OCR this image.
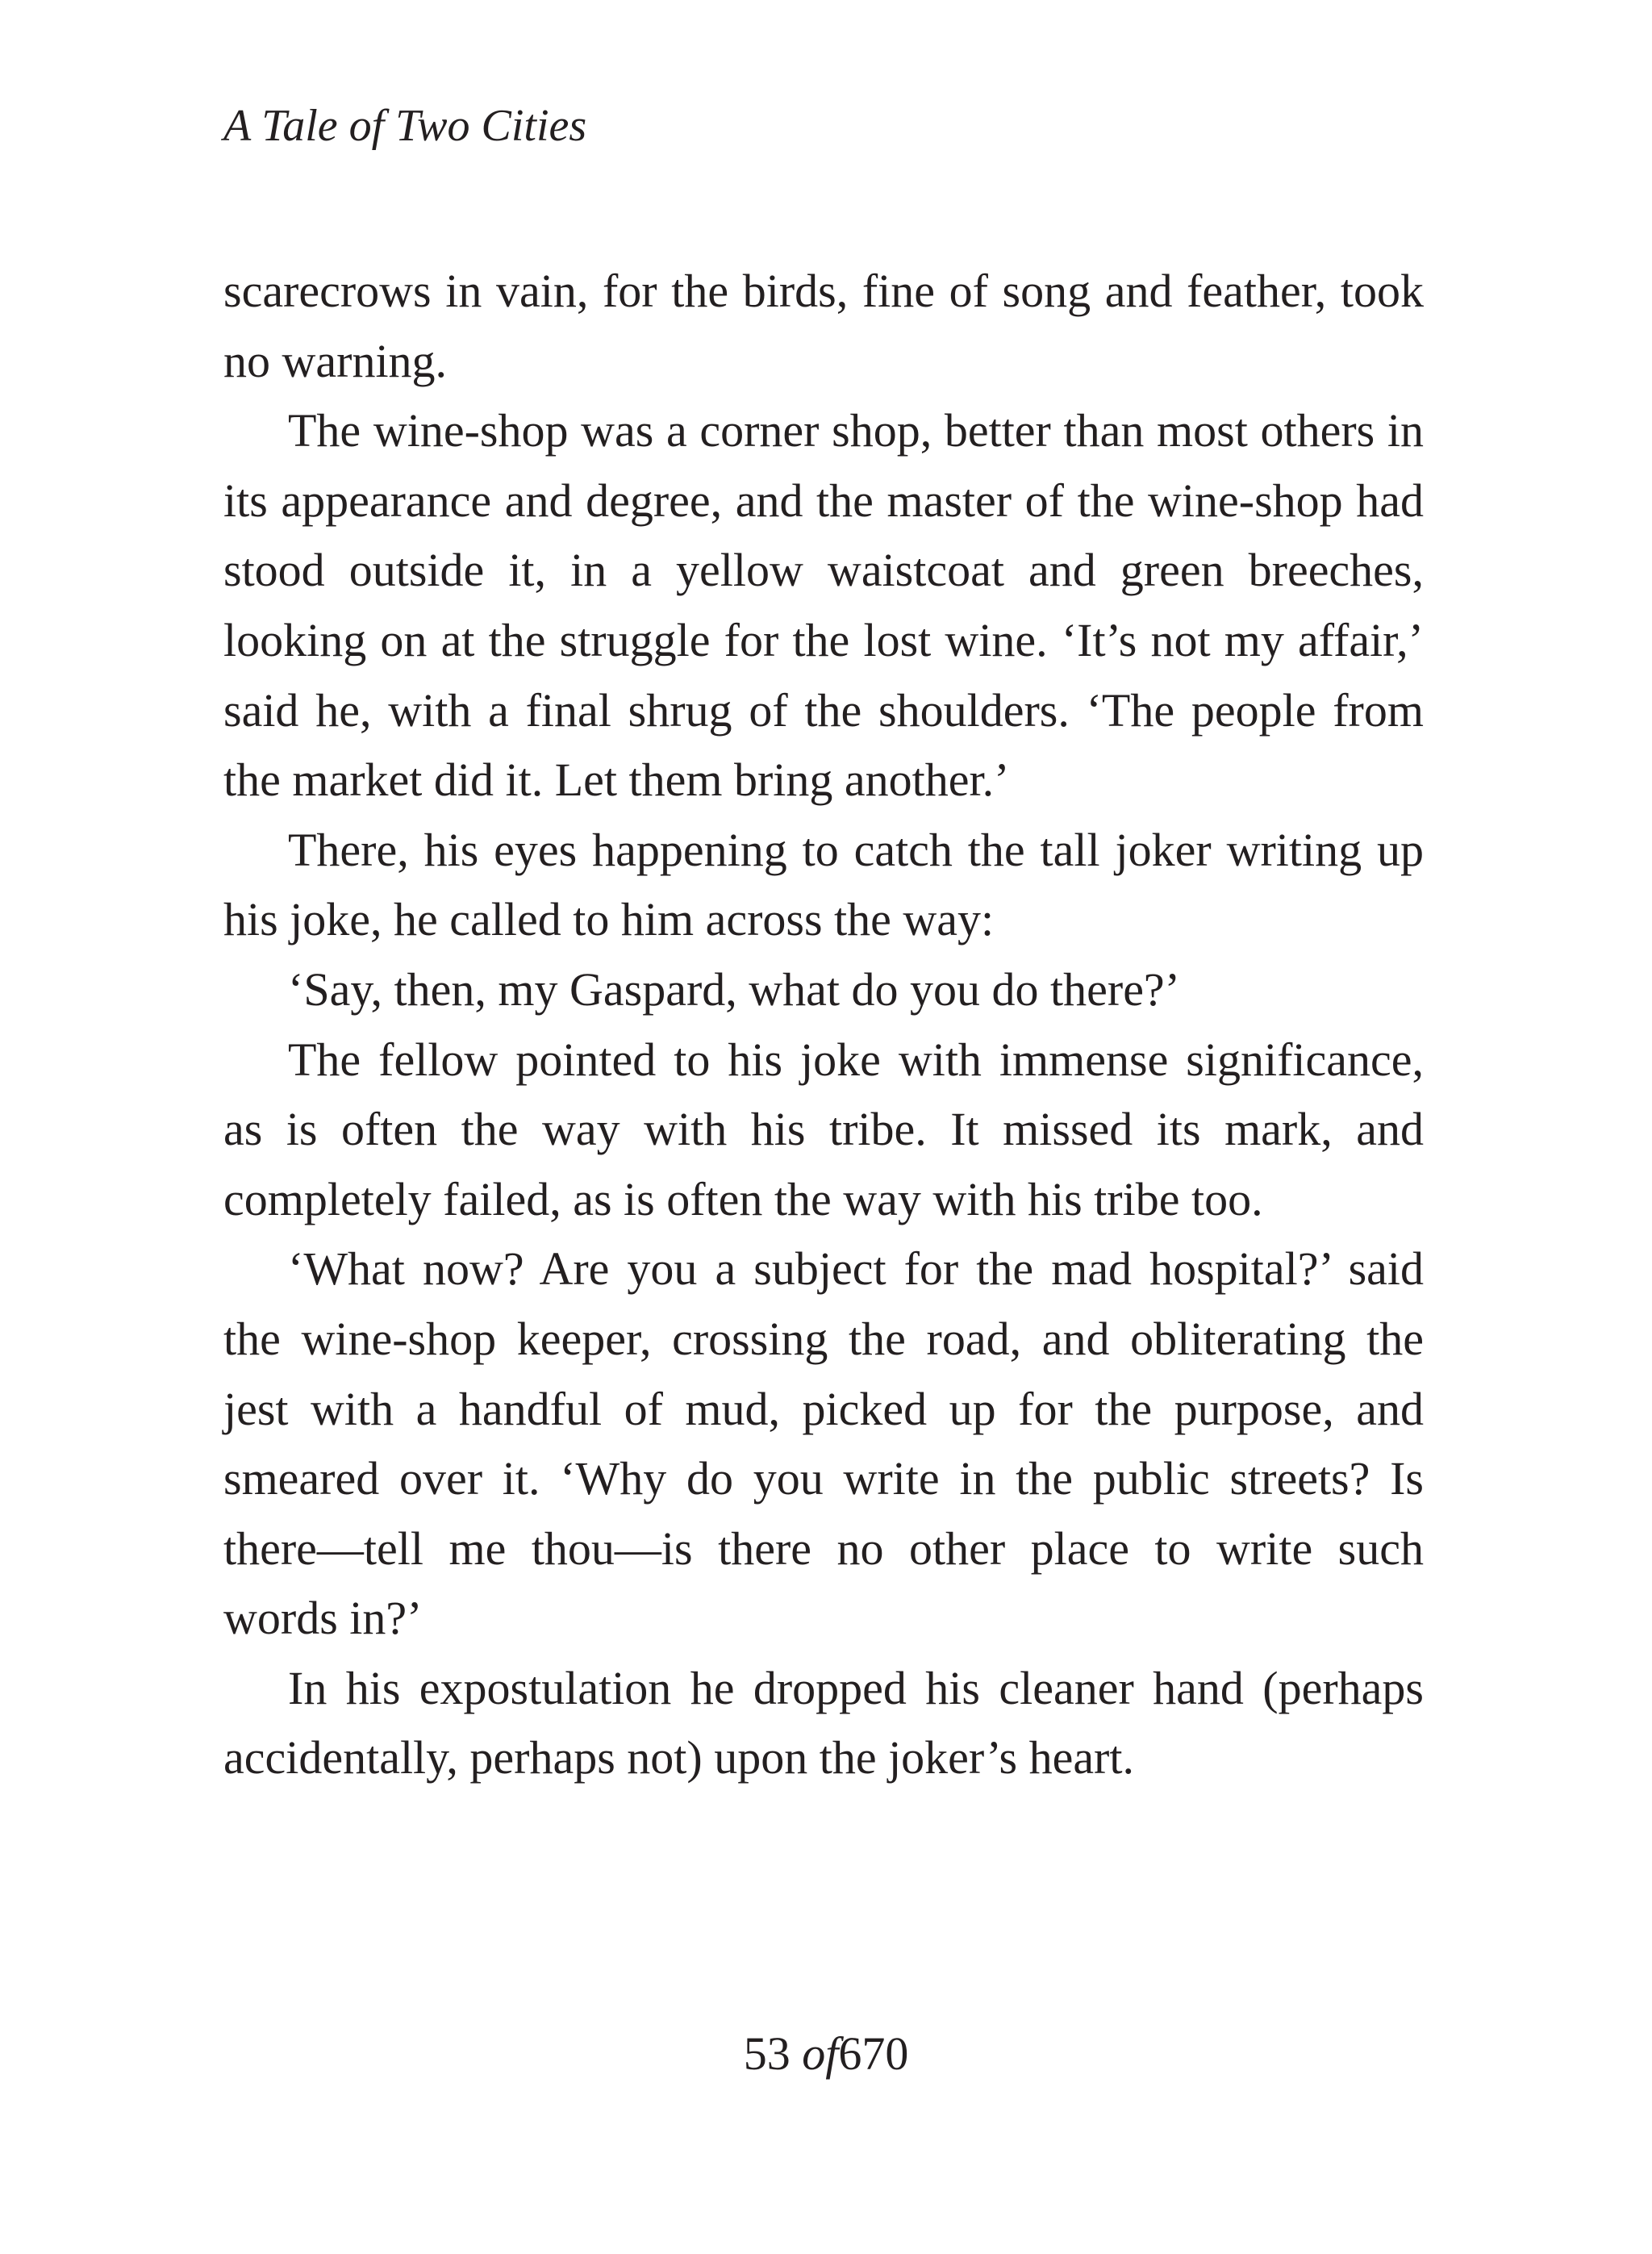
A Tale of Two Cities

scarecrows in vain, for the birds, fine of song and feather, took no warning.

The wine-shop was a corner shop, better than most others in its appearance and degree, and the master of the wine-shop had stood outside it, in a yellow waistcoat and green breeches, looking on at the struggle for the lost wine. ‘It’s not my affair,’ said he, with a final shrug of the shoulders. ‘The people from the market did it. Let them bring another.’

There, his eyes happening to catch the tall joker writing up his joke, he called to him across the way:

‘Say, then, my Gaspard, what do you do there?’

The fellow pointed to his joke with immense significance, as is often the way with his tribe. It missed its mark, and completely failed, as is often the way with his tribe too.

‘What now? Are you a subject for the mad hospital?’ said the wine-shop keeper, crossing the road, and obliterating the jest with a handful of mud, picked up for the purpose, and smeared over it. ‘Why do you write in the public streets? Is there—tell me thou—is there no other place to write such words in?’

In his expostulation he dropped his cleaner hand (perhaps accidentally, perhaps not) upon the joker’s heart.

53 of670
